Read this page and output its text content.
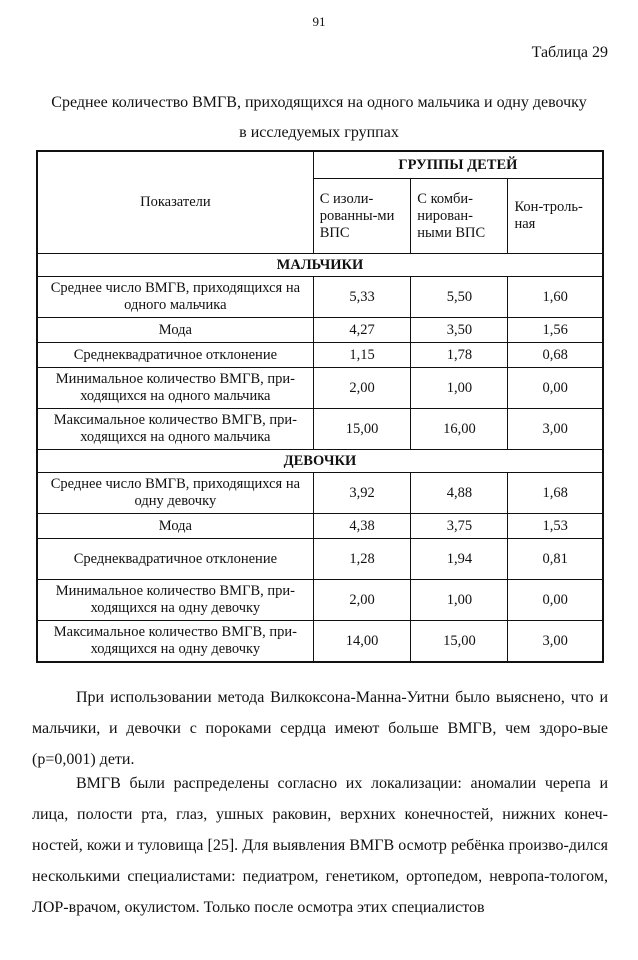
91
Таблица 29
Среднее количество ВМГВ, приходящихся на одного мальчика и одну девочку
в исследуемых группах
Показатели	ГРУППЫ ДЕТЕЙ		
	С изоли-рованны-ми ВПС	С комби-нирован-ными ВПС	Кон-троль-ная
МАЛЬЧИКИ			
Среднее число ВМГВ, приходящихся на одного мальчика	5,33	5,50	1,60
Мода	4,27	3,50	1,56
Среднеквадратичное отклонение	1,15	1,78	0,68
Минимальное количество ВМГВ, при-ходящихся на одного мальчика	2,00	1,00	0,00
Максимальное количество ВМГВ, при-ходящихся на одного мальчика	15,00	16,00	3,00
ДЕВОЧКИ			
Среднее число ВМГВ, приходящихся на одну девочку	3,92	4,88	1,68
Мода	4,38	3,75	1,53
Среднеквадратичное отклонение	1,28	1,94	0,81
Минимальное количество ВМГВ, при-ходящихся на одну девочку	2,00	1,00	0,00
Максимальное количество ВМГВ, при-ходящихся на одну девочку	14,00	15,00	3,00
При использовании метода Вилкоксона-Манна-Уитни было выяснено, что и мальчики, и девочки с пороками сердца имеют больше ВМГВ, чем здоро-вые (р=0,001) дети.
ВМГВ были распределены согласно их локализации: аномалии черепа и лица, полости рта, глаз, ушных раковин, верхних конечностей, нижних конеч-ностей, кожи и туловища [25]. Для выявления ВМГВ осмотр ребёнка произво-дился несколькими специалистами: педиатром, генетиком, ортопедом, невропа-тологом, ЛОР-врачом, окулистом. Только после осмотра этих специалистов
